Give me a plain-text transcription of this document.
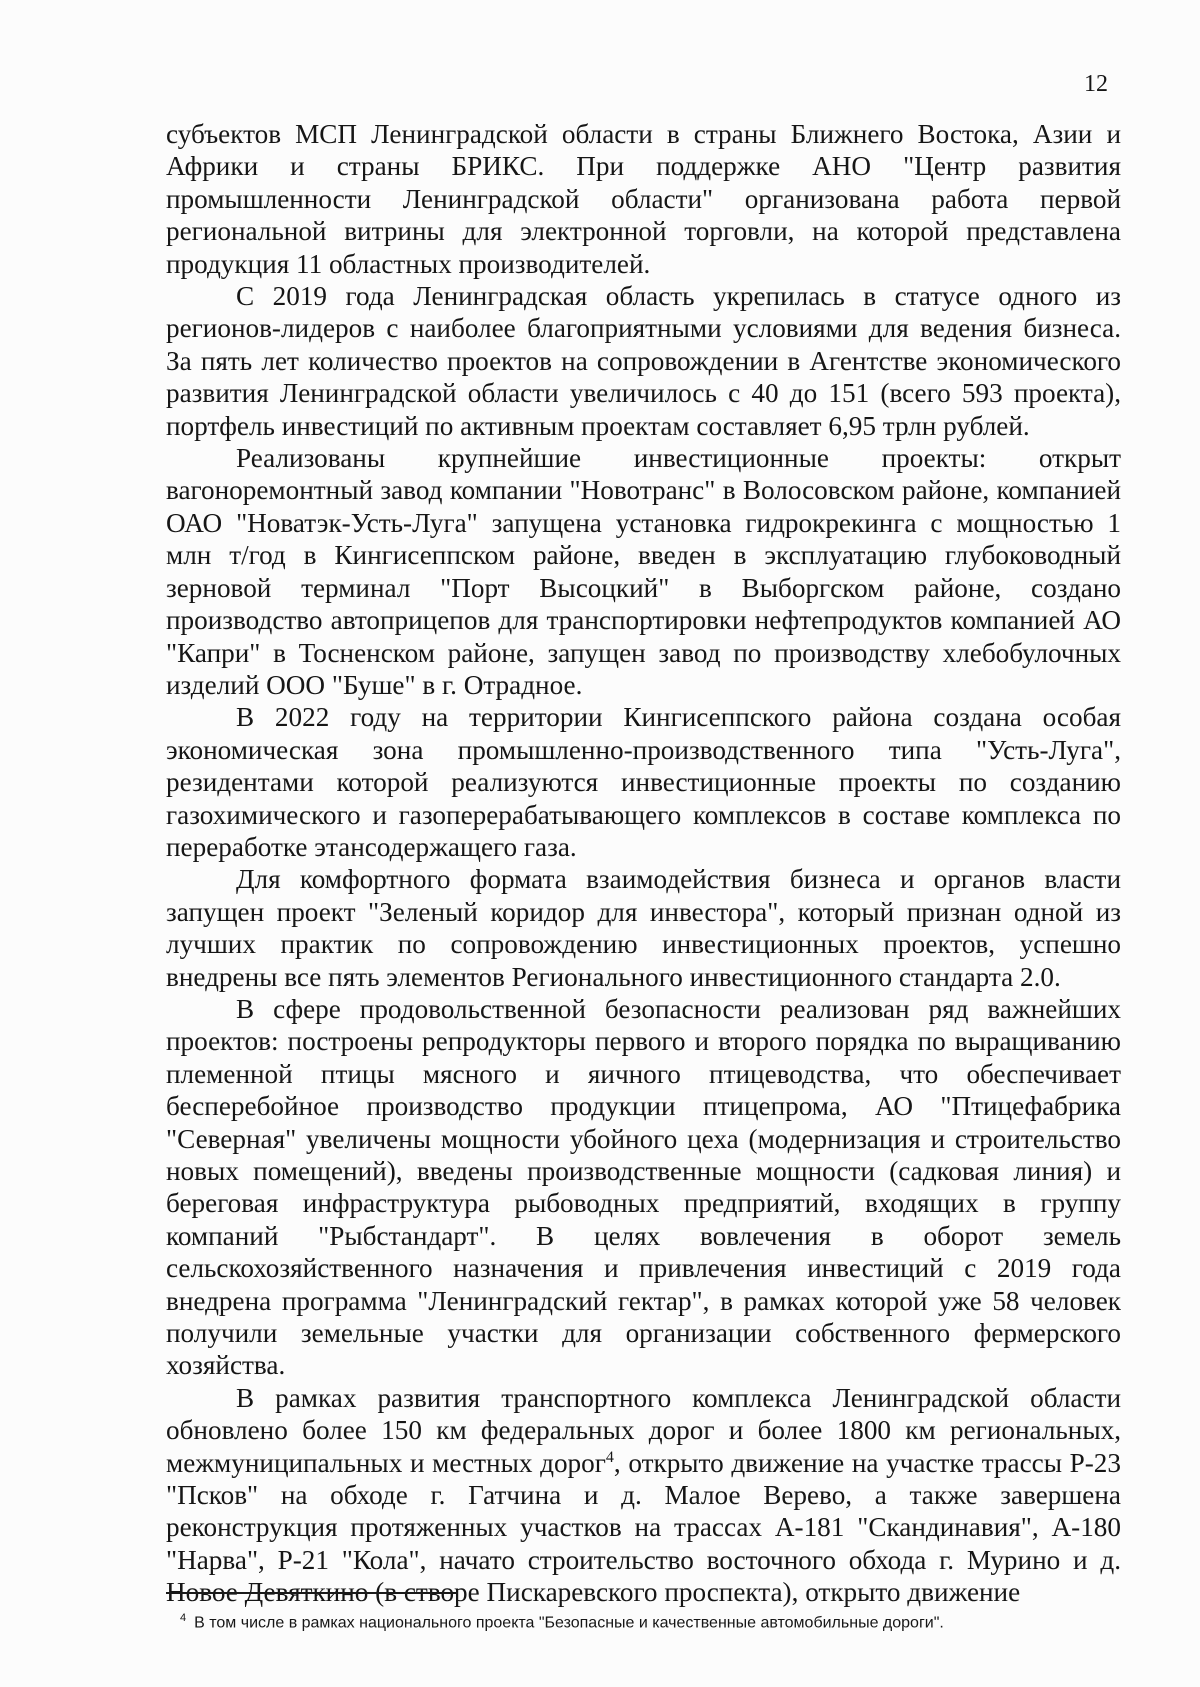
12

субъектов МСП Ленинградской области в страны Ближнего Востока, Азии и Африки и страны БРИКС. При поддержке АНО "Центр развития промышленности Ленинградской области" организована работа первой региональной витрины для электронной торговли, на которой представлена продукция 11 областных производителей.

С 2019 года Ленинградская область укрепилась в статусе одного из регионов-лидеров с наиболее благоприятными условиями для ведения бизнеса. За пять лет количество проектов на сопровождении в Агентстве экономического развития Ленинградской области увеличилось с 40 до 151 (всего 593 проекта), портфель инвестиций по активным проектам составляет 6,95 трлн рублей.

Реализованы крупнейшие инвестиционные проекты: открыт вагоноремонтный завод компании "Новотранс" в Волосовском районе, компанией ОАО "Новатэк-Усть-Луга" запущена установка гидрокрекинга с мощностью 1 млн т/год в Кингисеппском районе, введен в эксплуатацию глубоководный зерновой терминал "Порт Высоцкий" в Выборгском районе, создано производство автоприцепов для транспортировки нефтепродуктов компанией АО "Капри" в Тосненском районе, запущен завод по производству хлебобулочных изделий ООО "Буше" в г. Отрадное.

В 2022 году на территории Кингисеппского района создана особая экономическая зона промышленно-производственного типа "Усть-Луга", резидентами которой реализуются инвестиционные проекты по созданию газохимического и газоперерабатывающего комплексов в составе комплекса по переработке этансодержащего газа.

Для комфортного формата взаимодействия бизнеса и органов власти запущен проект "Зеленый коридор для инвестора", который признан одной из лучших практик по сопровождению инвестиционных проектов, успешно внедрены все пять элементов Регионального инвестиционного стандарта 2.0.

В сфере продовольственной безопасности реализован ряд важнейших проектов: построены репродукторы первого и второго порядка по выращиванию племенной птицы мясного и яичного птицеводства, что обеспечивает бесперебойное производство продукции птицепрома, АО "Птицефабрика "Северная" увеличены мощности убойного цеха (модернизация и строительство новых помещений), введены производственные мощности (садковая линия) и береговая инфраструктура рыбоводных предприятий, входящих в группу компаний "Рыбстандарт". В целях вовлечения в оборот земель сельскохозяйственного назначения и привлечения инвестиций с 2019 года внедрена программа "Ленинградский гектар", в рамках которой уже 58 человек получили земельные участки для организации собственного фермерского хозяйства.

В рамках развития транспортного комплекса Ленинградской области обновлено более 150 км федеральных дорог и более 1800 км региональных, межмуниципальных и местных дорог$^4$, открыто движение на участке трассы Р-23 "Псков" на обходе г. Гатчина и д. Малое Верево, а также завершена реконструкция протяженных участков на трассах А-181 "Скандинавия", А-180 "Нарва", Р-21 "Кола", начато строительство восточного обхода г. Мурино и д. Новое Девяткино (в створе Пискаревского проспекта), открыто движение

$^4$ В том числе в рамках национального проекта "Безопасные и качественные автомобильные дороги".
